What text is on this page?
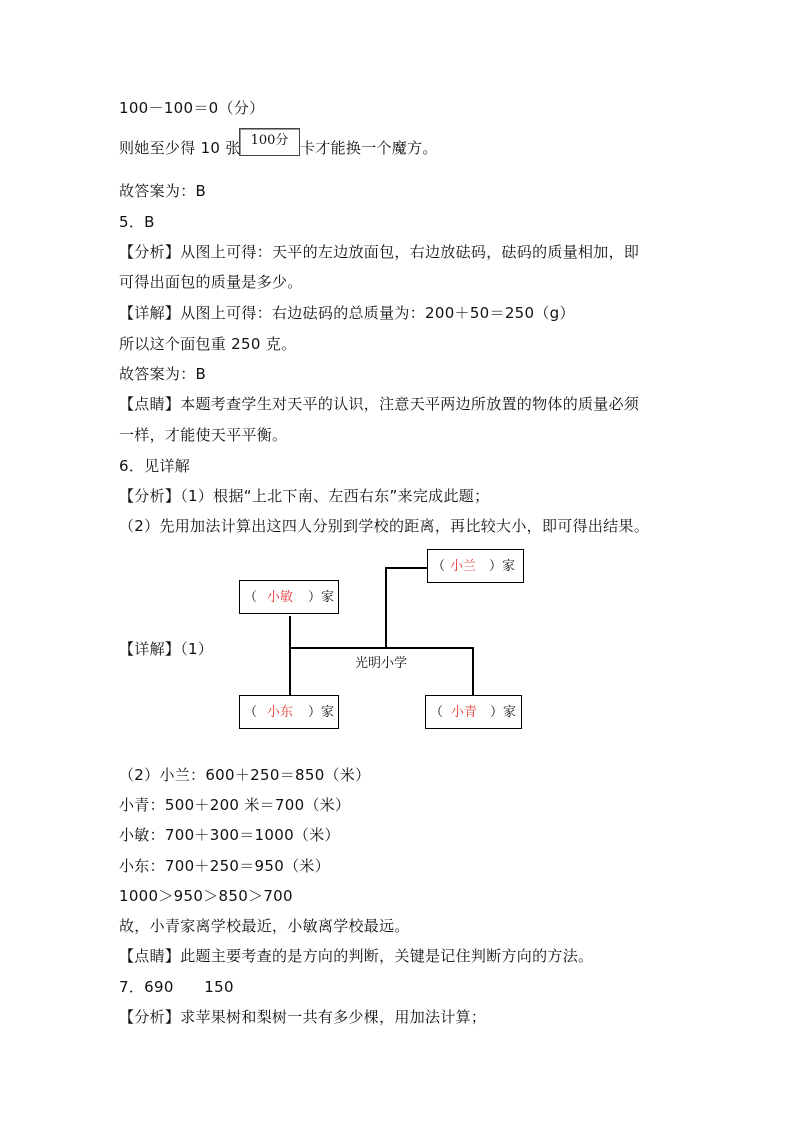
100－100＝0（分）
则她至少得 10 张 100分 卡才能换一个魔方。
故答案为：B
5．B
【分析】从图上可得：天平的左边放面包，右边放砝码，砝码的质量相加，即
可得出面包的质量是多少。
【详解】从图上可得：右边砝码的总质量为：200＋50＝250（g）
所以这个面包重 250 克。
故答案为：B
【点睛】本题考查学生对天平的认识，注意天平两边所放置的物体的质量必须
一样，才能使天平平衡。
6．见详解
【分析】（1）根据“上北下南、左西右东”来完成此题；
（2）先用加法计算出这四人分别到学校的距离，再比较大小，即可得出结果。
【详解】（1）
（ 小兰 ）家
（ 小敏 ）家
（ 小东 ）家	（ 小青 ）家
光明小学
（2）小兰：600＋250＝850（米）
小青：500＋200 米＝700（米）
小敏：700＋300＝1000（米）
小东：700＋250＝950（米）
1000＞950＞850＞700
故，小青家离学校最近，小敏离学校最远。
【点睛】此题主要考查的是方向的判断，关键是记住判断方向的方法。
7．690　　150
【分析】求苹果树和梨树一共有多少棵，用加法计算；
